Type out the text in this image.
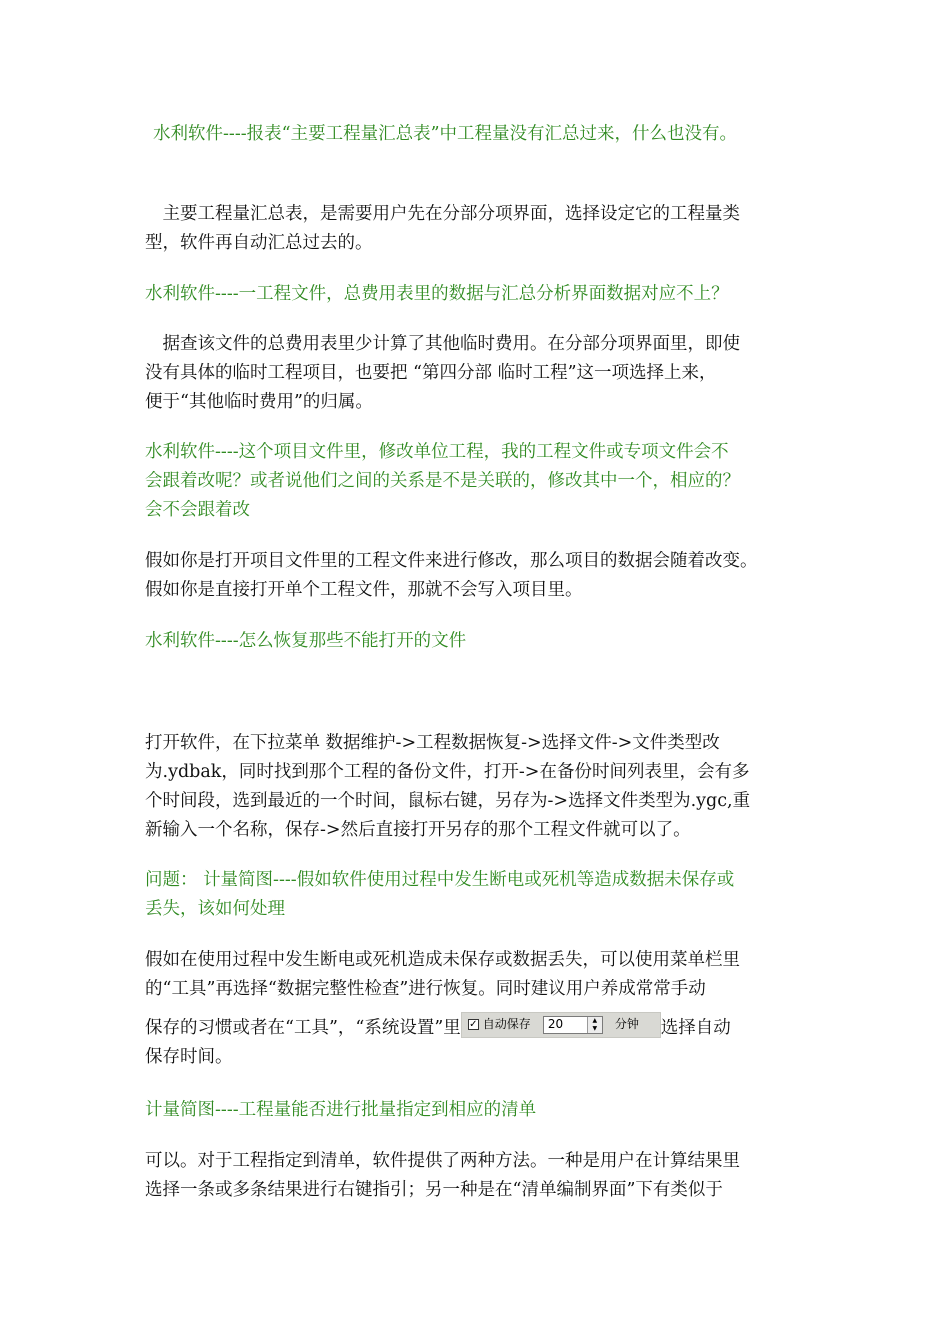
水利软件----报表“主要工程量汇总表”中工程量没有汇总过来，什么也没有。

　主要工程量汇总表，是需要用户先在分部分项界面，选择设定它的工程量类
型，软件再自动汇总过去的。

水利软件----一工程文件，总费用表里的数据与汇总分析界面数据对应不上？

　据查该文件的总费用表里少计算了其他临时费用。在分部分项界面里，即使
没有具体的临时工程项目，也要把 “第四分部 临时工程”这一项选择上来，
便于“其他临时费用”的归属。

水利软件----这个项目文件里，修改单位工程，我的工程文件或专项文件会不
会跟着改呢？或者说他们之间的关系是不是关联的，修改其中一个，相应的？
会不会跟着改

假如你是打开项目文件里的工程文件来进行修改，那么项目的数据会随着改变。
假如你是直接打开单个工程文件，那就不会写入项目里。

水利软件----怎么恢复那些不能打开的文件

打开软件，在下拉菜单 数据维护->工程数据恢复->选择文件->文件类型改
为.ydbak，同时找到那个工程的备份文件，打开->在备份时间列表里，会有多
个时间段，选到最近的一个时间，鼠标右键，另存为->选择文件类型为.ygc,重
新输入一个名称，保存->然后直接打开另存的那个工程文件就可以了。

问题： 计量简图----假如软件使用过程中发生断电或死机等造成数据未保存或
丢失，该如何处理

假如在使用过程中发生断电或死机造成未保存或数据丢失，可以使用菜单栏里
的“工具”再选择“数据完整性检查”进行恢复。同时建议用户养成常常手动
保存的习惯或者在“工具”，“系统设置”里 ✓ 自动保存 20	▲
▼	分钟 选择自动
保存时间。

计量简图----工程量能否进行批量指定到相应的清单

可以。对于工程指定到清单，软件提供了两种方法。一种是用户在计算结果里
选择一条或多条结果进行右键指引；另一种是在“清单编制界面”下有类似于
